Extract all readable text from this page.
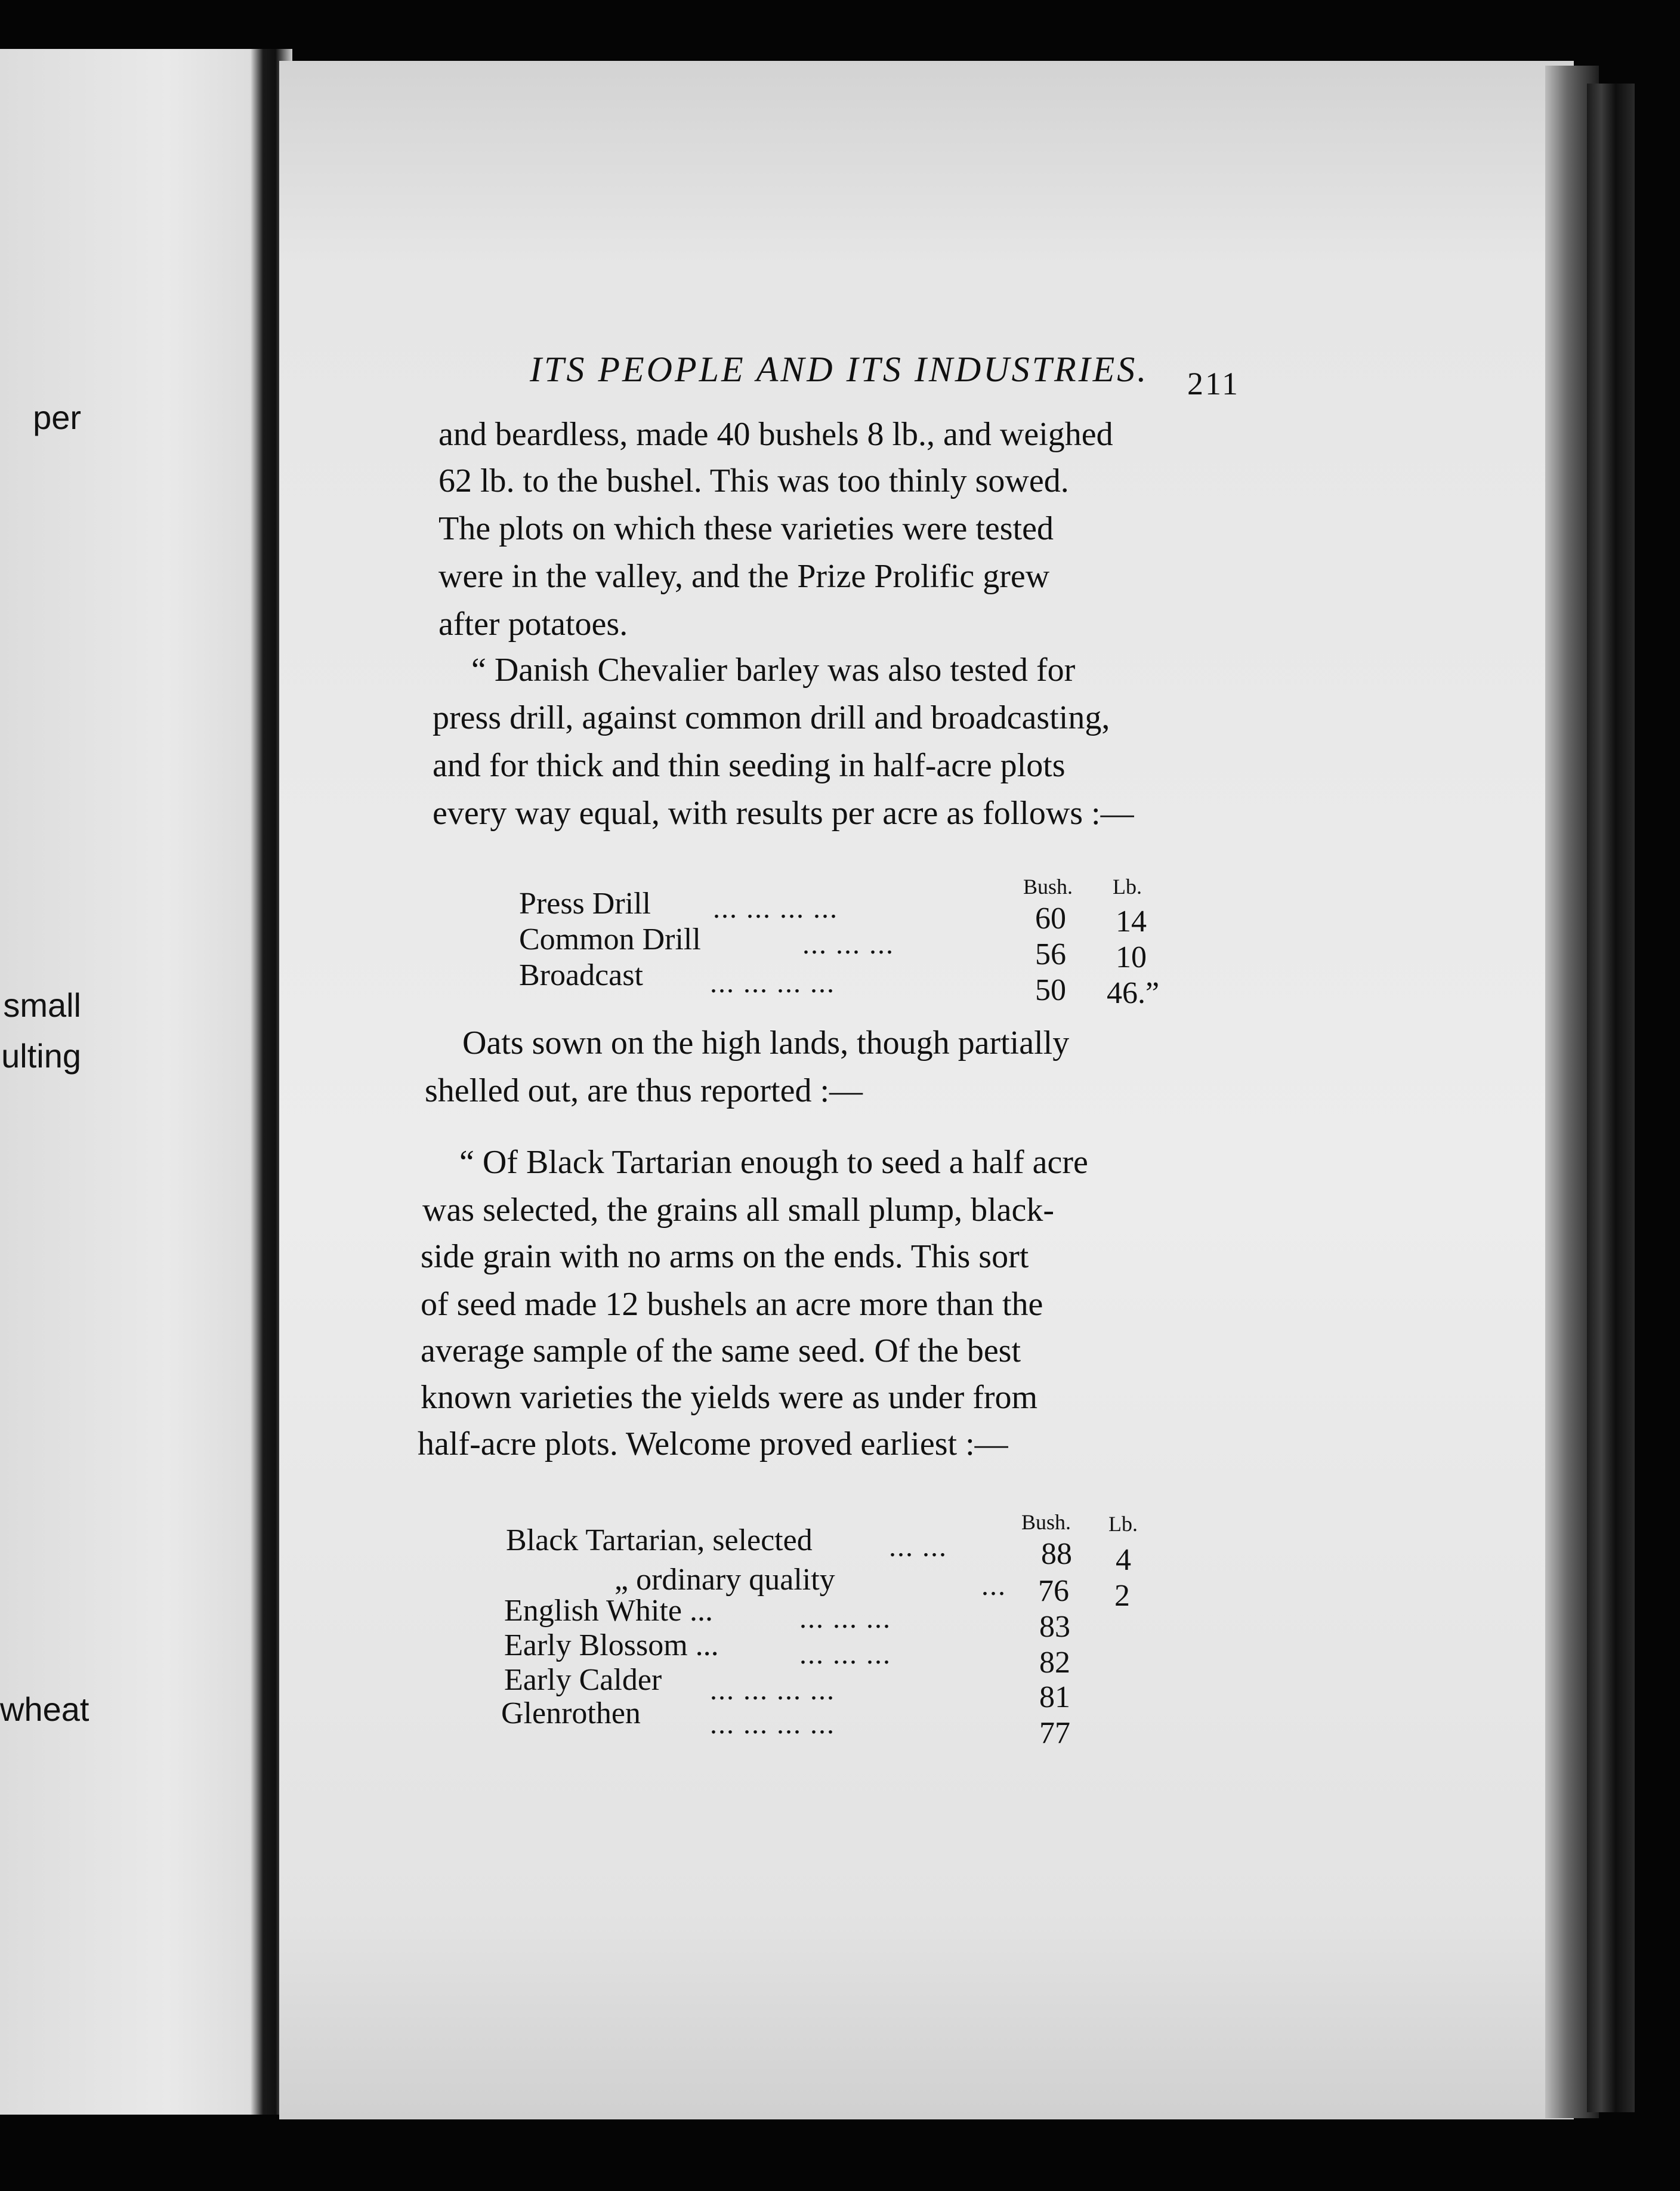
per
small
ulting
wheat
ITS PEOPLE AND ITS INDUSTRIES.	211
and beardless, made 40 bushels 8 lb., and weighed
62 lb. to the bushel. This was too thinly sowed.
The plots on which these varieties were tested
were in the valley, and the Prize Prolific grew
after potatoes.
“ Danish Chevalier barley was also tested for
press drill, against common drill and broadcasting,
and for thick and thin seeding in half-acre plots
every way equal, with results per acre as follows :—
Bush. Lb.
Press Drill ... ... ... ...	60 14
Common Drill	... ... ...	56 10
Broadcast ... ... ... ...	50 46.”
Oats sown on the high lands, though partially
shelled out, are thus reported :—
“ Of Black Tartarian enough to seed a half acre
was selected, the grains all small plump, black-
side grain with no arms on the ends. This sort
of seed made 12 bushels an acre more than the
average sample of the same seed. Of the best
known varieties the yields were as under from
half-acre plots. Welcome proved earliest :—
Bush. Lb.
Black Tartarian, selected	... ...	88 4
„ ordinary quality	... 76 2
English White ...	... ... ...	83
Early Blossom ...	... ... ...	82
Early Calder ... ... ... ...	81
Glenrothen ... ... ... ...	77
